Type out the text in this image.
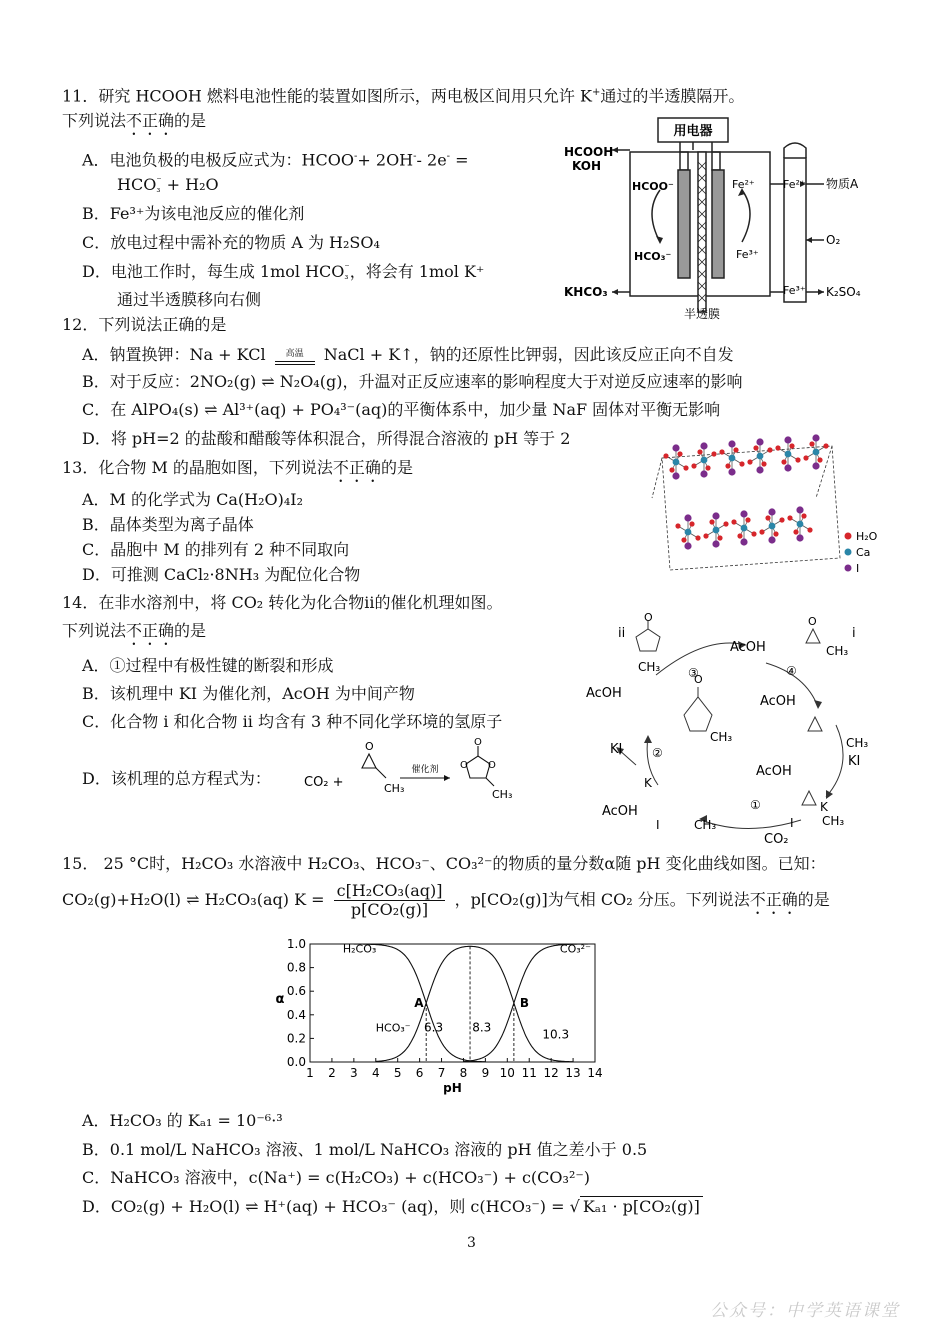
11．研究 HCOOH 燃料电池性能的装置如图所示，两电极区间用只允许 K+通过的半透膜隔开。
下列说法不正确的是
A．电池负极的电极反应式为：HCOO-+ 2OH-- 2e- =
HCO⁻
₃ + H₂O
B．Fe³⁺为该电池反应的催化剂
C．放电过程中需补充的物质 A 为 H₂SO₄
D．电池工作时，每生成 1mol HCO⁻
₃，将会有 1mol K⁺
通过半透膜移向右侧
用电器
HCOOH
KOH
HCOO⁻
HCO₃⁻
Fe²⁺
Fe³⁺
Fe²⁺
Fe³⁺
物质A
O₂
K₂SO₄
KHCO₃
半透膜
12．下列说法正确的是
A．钠置换钾：Na + KCl 高温 NaCl + K↑，钠的还原性比钾弱，因此该反应正向不自发
B．对于反应：2NO₂(g) ⇌ N₂O₄(g)，升温对正反应速率的影响程度大于对逆反应速率的影响
C．在 AlPO₄(s) ⇌ Al³⁺(aq) + PO₄³⁻(aq)的平衡体系中，加少量 NaF 固体对平衡无影响
D．将 pH=2 的盐酸和醋酸等体积混合，所得混合溶液的 pH 等于 2
13．化合物 M 的晶胞如图，下列说法不正确的是
A．M 的化学式为 Ca(H₂O)₄I₂
B．晶体类型为离子晶体
C．晶胞中 M 的排列有 2 种不同取向
D．可推测 CaCl₂·8NH₃ 为配位化合物
H₂O
Ca
I
14．在非水溶剂中，将 CO₂ 转化为化合物ii的催化机理如图。
下列说法不正确的是
A．①过程中有极性键的断裂和形成
B．该机理中 KI 为催化剂，AcOH 为中间产物
C．化合物 i 和化合物 ii 均含有 3 种不同化学环境的氢原子
D．该机理的总方程式为：	CO₂ +
O
CH₃
催化剂
O
O O
CH₃
ii
O
CH₃ ③
AcOH
④
O
i
CH₃
AcOH
CH₃
KI
AcOH
K
CH₃
I
①
CO₂
CH₃
I
AcOH
K
②
KI
AcOH
CH₃
O
15． 25 °C时，H₂CO₃ 水溶液中 H₂CO₃、HCO₃⁻、CO₃²⁻的物质的量分数α随 pH 变化曲线如图。已知：
CO₂(g)+H₂O(l) ⇌ H₂CO₃(aq) $K = \frac{\text{c[H₂CO₃(aq)]}}{\text{p[CO₂(g)]}}$ ，p[CO₂(g)]为气相 CO₂ 分压。下列说法不正确的是
1 2 3 4 5 6 7 8 9 10 11 12 13 14
0.0
0.2
0.4
0.6
0.8
1.0
pH
α
H₂CO₃	CO₃²⁻
HCO₃⁻
A	B
6.3 8.3
10.3
A．H₂CO₃ 的 Kₐ₁ = 10⁻⁶·³
B．0.1 mol/L NaHCO₃ 溶液、1 mol/L NaHCO₃ 溶液的 pH 值之差小于 0.5
C．NaHCO₃ 溶液中，c(Na⁺) = c(H₂CO₃) + c(HCO₃⁻) + c(CO₃²⁻)
D．CO₂(g) + H₂O(l) ⇌ H⁺(aq) + HCO₃⁻ (aq)，则 c(HCO₃⁻) = √ Kₐ₁ · p[CO₂(g)]
3
公众号：中学英语课堂
